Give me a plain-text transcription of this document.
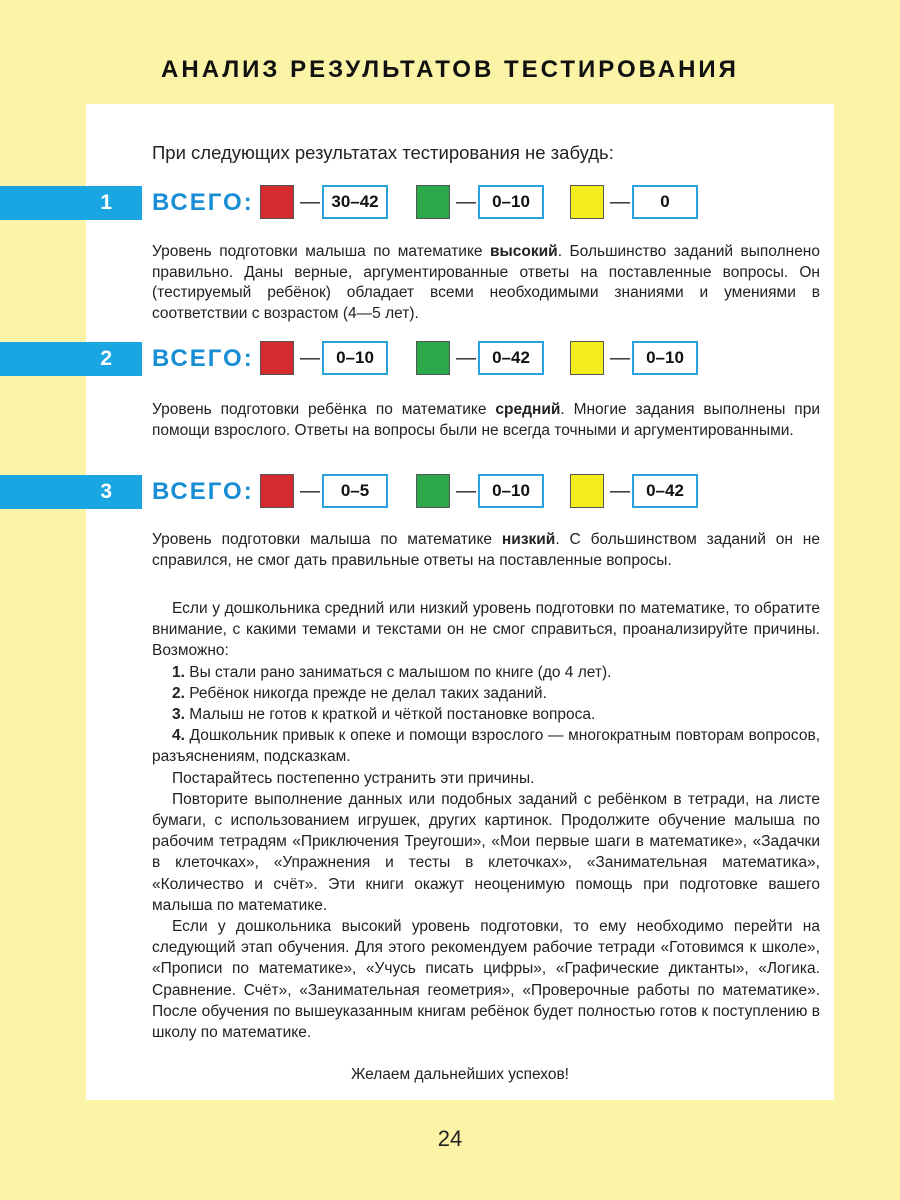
АНАЛИЗ РЕЗУЛЬТАТОВ ТЕСТИРОВАНИЯ
При следующих результатах тестирования не забудь:
1	ВСЕГО: — 30–42	— 0–10	—	0
Уровень подготовки малыша по математике высокий. Большинство заданий выполнено правильно. Даны верные, аргументированные ответы на поставленные вопросы. Он (тестируемый ребёнок) обладает всеми необходимыми знаниями и умениями в соответствии с возрастом (4—5 лет).
2	ВСЕГО: — 0–10	— 0–42	— 0–10
Уровень подготовки ребёнка по математике средний. Многие задания выполнены при помощи взрослого. Ответы на вопросы были не всегда точными и аргументированными.
3	ВСЕГО: —	0–5	— 0–10	— 0–42
Уровень подготовки малыша по математике низкий. С большинством заданий он не справился, не смог дать правильные ответы на поставленные вопросы.

Если у дошкольника средний или низкий уровень подготовки по математике, то обратите внимание, с какими темами и текстами он не смог справиться, проанализируйте причины. Возможно:

1. Вы стали рано заниматься с малышом по книге (до 4 лет).

2. Ребёнок никогда прежде не делал таких заданий.

3. Малыш не готов к краткой и чёткой постановке вопроса.

4. Дошкольник привык к опеке и помощи взрослого — многократным повторам вопросов, разъяснениям, подсказкам.

Постарайтесь постепенно устранить эти причины.

Повторите выполнение данных или подобных заданий с ребёнком в тетради, на листе бумаги, с использованием игрушек, других картинок. Продолжите обучение малыша по рабочим тетрадям «Приключения Треугоши», «Мои первые шаги в математике», «Задачки в клеточках», «Упражнения и тесты в клеточках», «Занимательная математика», «Количество и счёт». Эти книги окажут неоценимую помощь при подготовке вашего малыша по математике.

Если у дошкольника высокий уровень подготовки, то ему необходимо перейти на следующий этап обучения. Для этого рекомендуем рабочие тетради «Готовимся к школе», «Прописи по математике», «Учусь писать цифры», «Графические диктанты», «Логика. Сравнение. Счёт», «Занимательная геометрия», «Проверочные работы по математике». После обучения по вышеуказанным книгам ребёнок будет полностью готов к поступлению в школу по математике.

Желаем дальнейших успехов!
24
